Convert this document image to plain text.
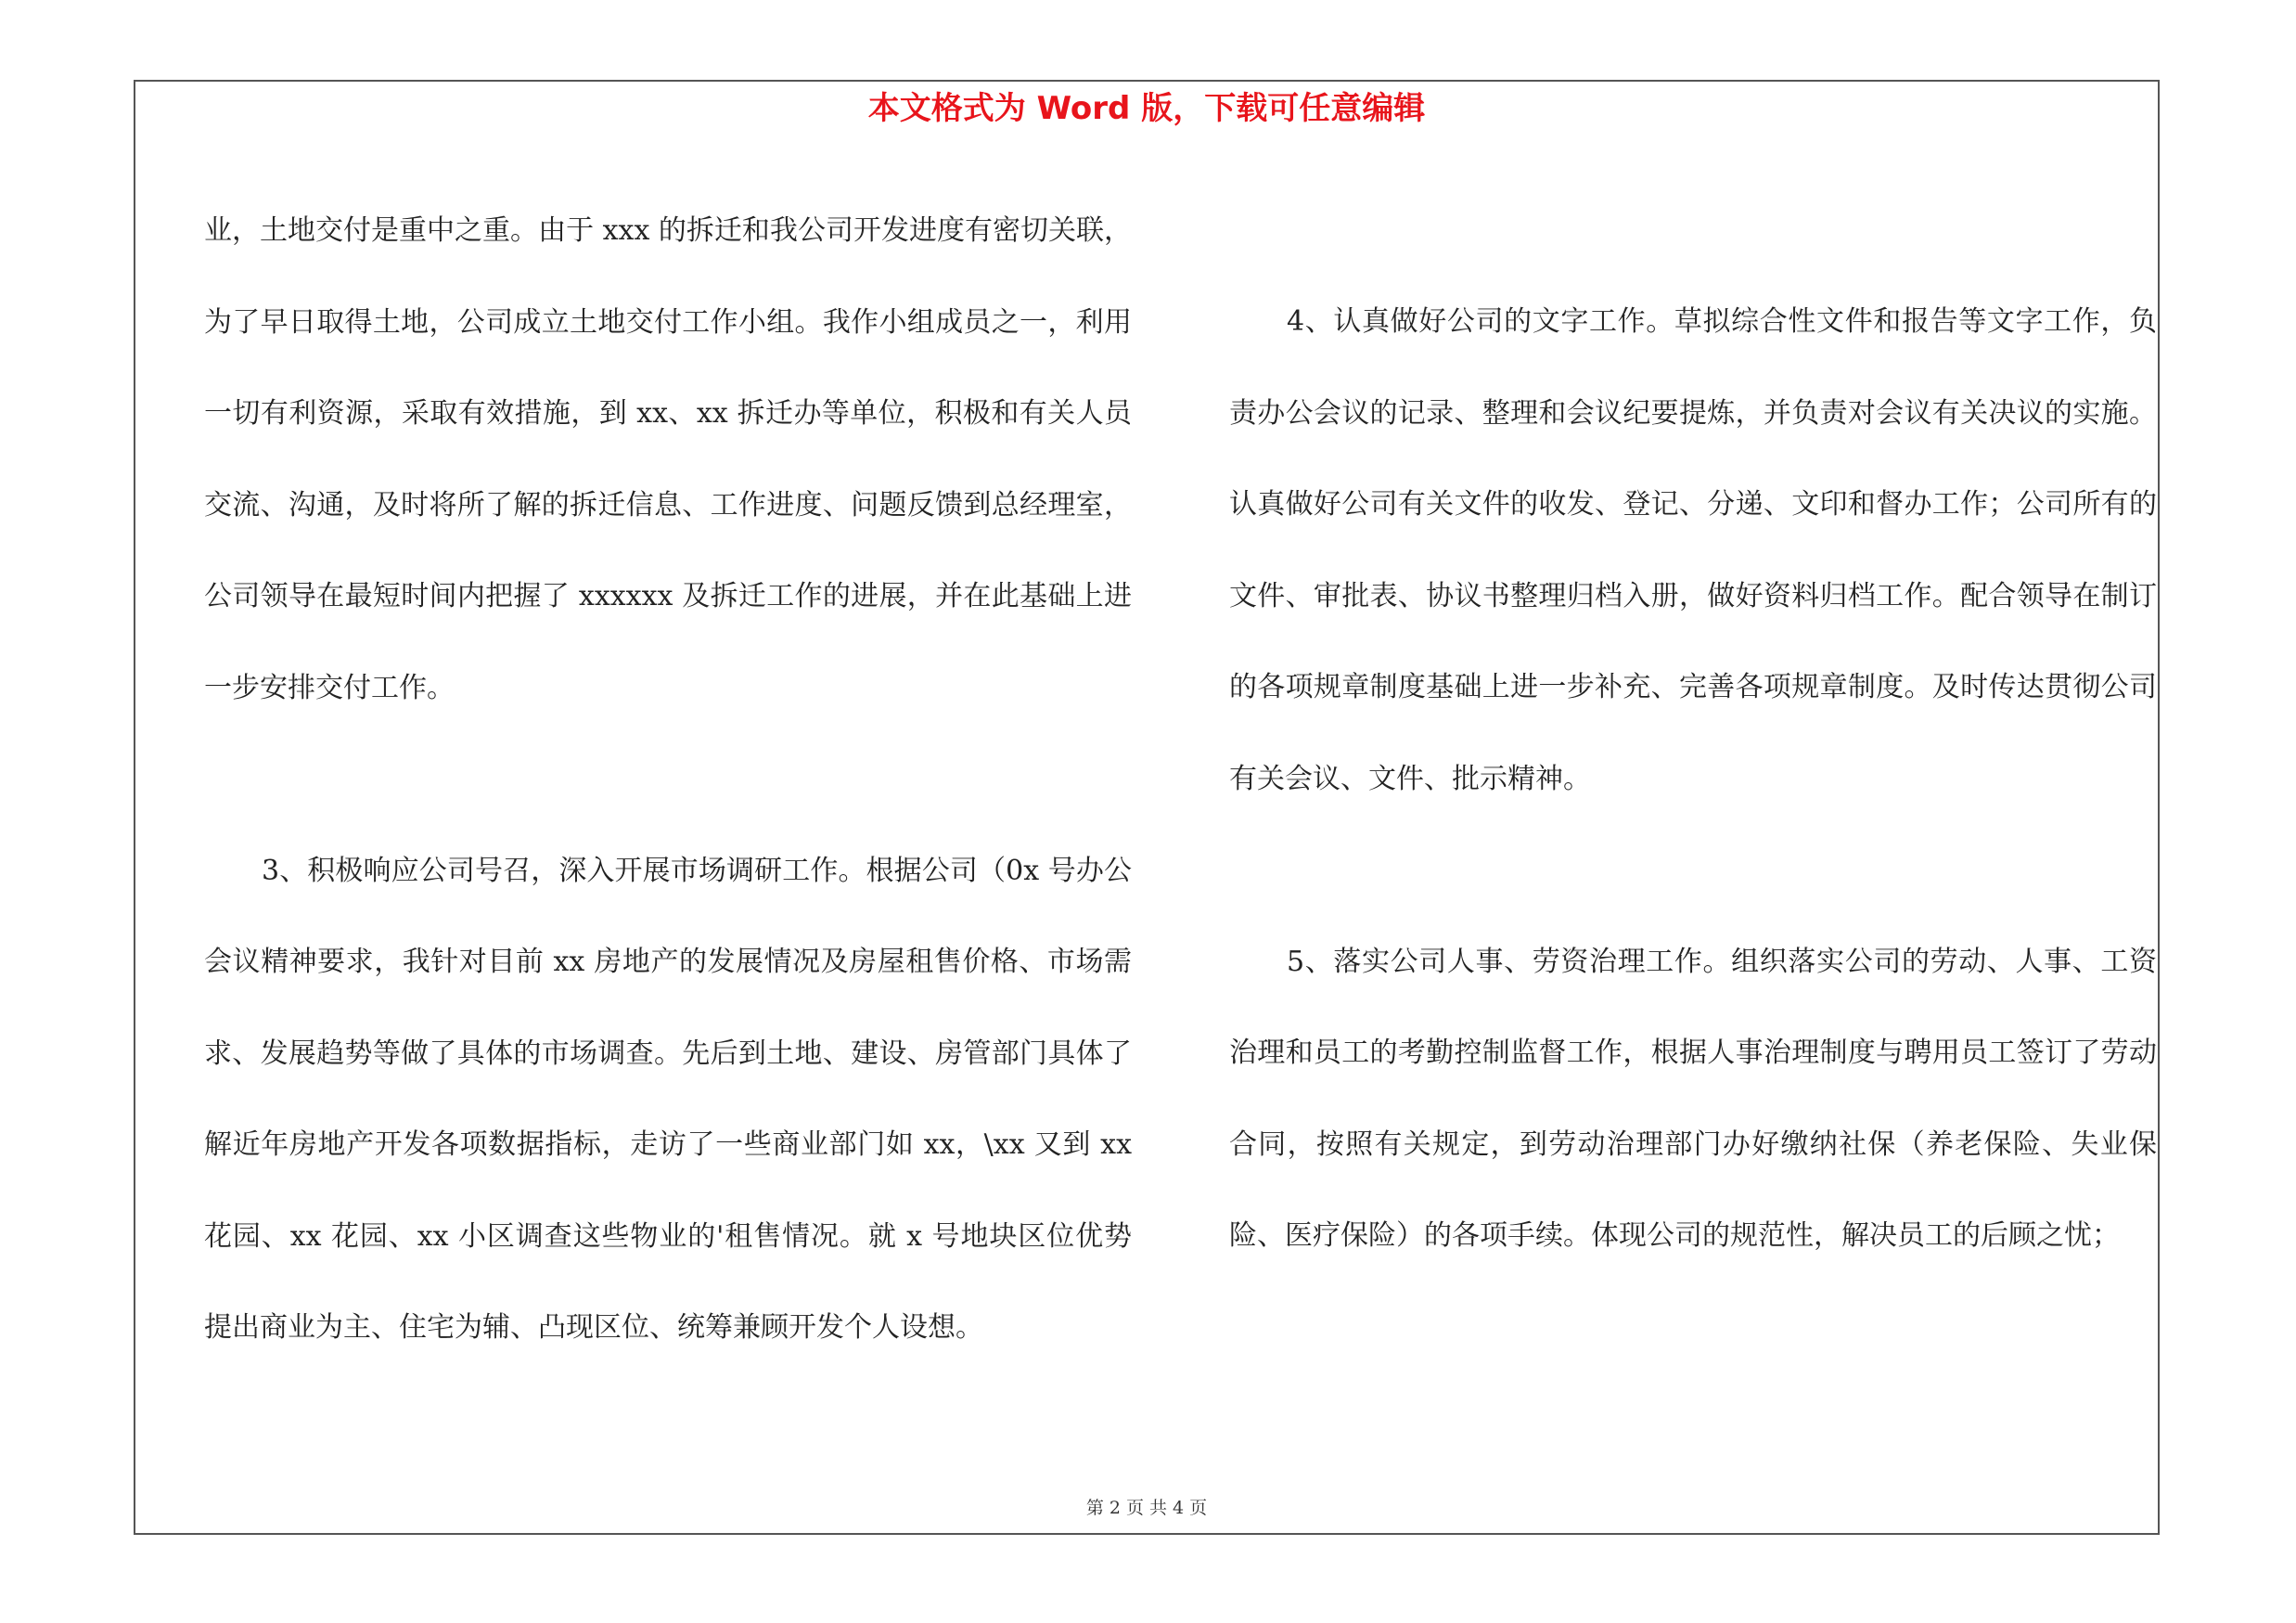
本文格式为 Word 版，下载可任意编辑

业，土地交付是重中之重。由于 xxx 的拆迁和我公司开发进度有密切关联，为了早日取得土地，公司成立土地交付工作小组。我作小组成员之一，利用一切有利资源，采取有效措施，到 xx、xx 拆迁办等单位，积极和有关人员交流、沟通，及时将所了解的拆迁信息、工作进度、问题反馈到总经理室，公司领导在最短时间内把握了 xxxxxx 及拆迁工作的进展，并在此基础上进一步安排交付工作。

3、积极响应公司号召，深入开展市场调研工作。根据公司（0x 号办公会议精神要求，我针对目前 xx 房地产的发展情况及房屋租售价格、市场需求、发展趋势等做了具体的市场调查。先后到土地、建设、房管部门具体了解近年房地产开发各项数据指标，走访了一些商业部门如 xx，\xx 又到 xx 花园、xx 花园、xx 小区调查这些物业的'租售情况。就 x 号地块区位优势提出商业为主、住宅为辅、凸现区位、统筹兼顾开发个人设想。

4、认真做好公司的文字工作。草拟综合性文件和报告等文字工作，负责办公会议的记录、整理和会议纪要提炼，并负责对会议有关决议的实施。认真做好公司有关文件的收发、登记、分递、文印和督办工作；公司所有的文件、审批表、协议书整理归档入册，做好资料归档工作。配合领导在制订的各项规章制度基础上进一步补充、完善各项规章制度。及时传达贯彻公司有关会议、文件、批示精神。

5、落实公司人事、劳资治理工作。组织落实公司的劳动、人事、工资治理和员工的考勤控制监督工作，根据人事治理制度与聘用员工签订了劳动合同，按照有关规定，到劳动治理部门办好缴纳社保（养老保险、失业保险、医疗保险）的各项手续。体现公司的规范性，解决员工的后顾之忧；

第 2 页 共 4 页
